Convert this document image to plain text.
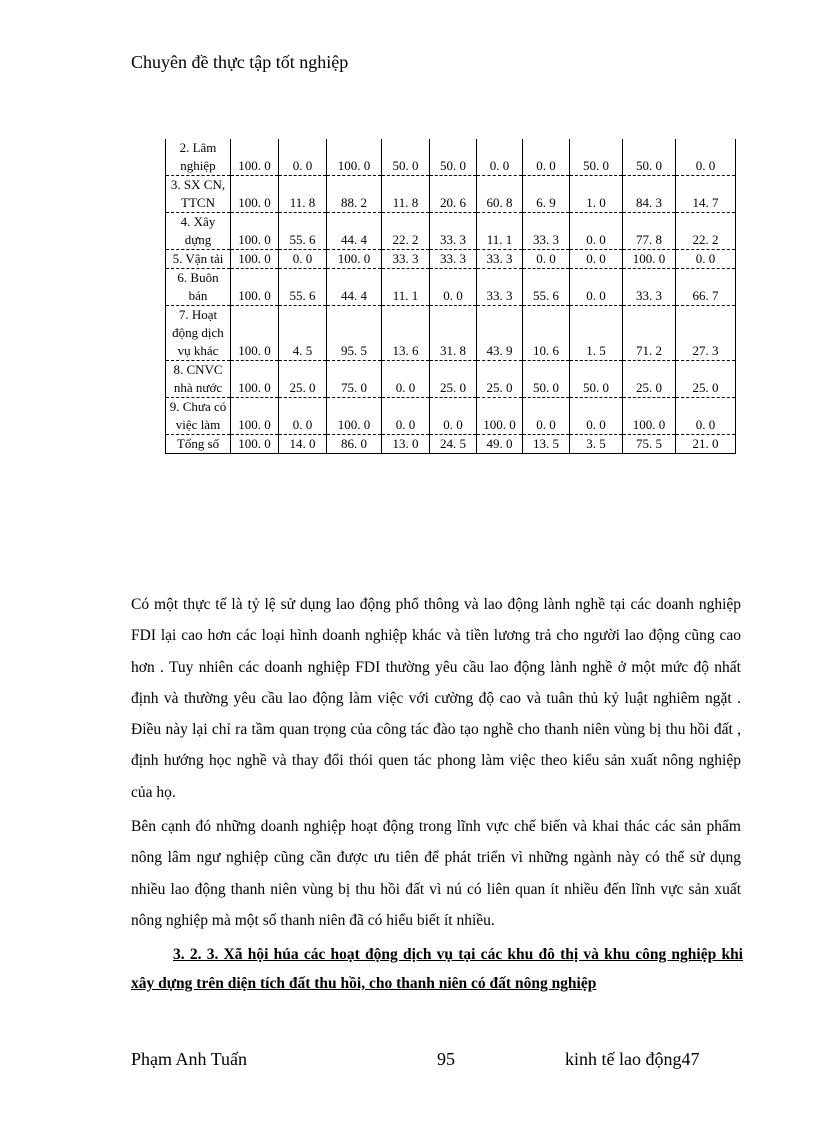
Chuyên đề thực tập tốt nghiệp
2. Lâm nghiệp	100. 0	0. 0	100. 0	50. 0	50. 0	0. 0	0. 0	50. 0	50. 0	0. 0
3. SX CN, TTCN	100. 0	11. 8	88. 2	11. 8	20. 6	60. 8	6. 9	1. 0	84. 3	14. 7
4. Xây dựng	100. 0	55. 6	44. 4	22. 2	33. 3	11. 1	33. 3	0. 0	77. 8	22. 2
5. Vận tải	100. 0	0. 0	100. 0	33. 3	33. 3	33. 3	0. 0	0. 0	100. 0	0. 0
6. Buôn bán	100. 0	55. 6	44. 4	11. 1	0. 0	33. 3	55. 6	0. 0	33. 3	66. 7
7. Hoạt động dịch vụ khác	100. 0	4. 5	95. 5	13. 6	31. 8	43. 9	10. 6	1. 5	71. 2	27. 3
8. CNVC nhà nước	100. 0	25. 0	75. 0	0. 0	25. 0	25. 0	50. 0	50. 0	25. 0	25. 0
9. Chưa có việc làm	100. 0	0. 0	100. 0	0. 0	0. 0	100. 0	0. 0	0. 0	100. 0	0. 0
Tổng số	100. 0	14. 0	86. 0	13. 0	24. 5	49. 0	13. 5	3. 5	75. 5	21. 0

Có một thực tế là tỷ lệ sử dụng lao động phổ thông và lao động lành nghề tại các doanh nghiệp FDI lại cao hơn các loại hình doanh nghiệp khác và tiền lương trả cho người lao động cũng cao hơn . Tuy nhiên các doanh nghiệp FDI thường yêu cầu lao động lành nghề ở một mức độ nhất định và thường yêu cầu lao động làm việc với cường độ cao và tuân thủ kỷ luật nghiêm ngặt . Điều này lại chỉ ra tầm quan trọng của công tác đào tạo nghề cho thanh niên vùng bị thu hồi đất , định hướng học nghề và thay đổi thói quen tác phong làm việc theo kiểu sản xuất nông nghiệp của họ.

Bên cạnh đó những doanh nghiệp hoạt động trong lĩnh vực chế biến và khai thác các sản phẩm nông lâm ngư nghiệp cũng cần được ưu tiên để phát triển vì những ngành này có thể sử dụng nhiều lao động thanh niên vùng bị thu hồi đất vì nú có liên quan ít nhiều đến lĩnh vực sản xuất nông nghiệp mà một số thanh niên đã có hiểu biết ít nhiều.

3. 2. 3. Xã hội húa các hoạt động dịch vụ tại các khu đô thị và khu công nghiệp khi xây dựng trên diện tích đất thu hồi, cho thanh niên có đất nông nghiệp

Phạm Anh Tuấn	95	kinh tế lao động47
